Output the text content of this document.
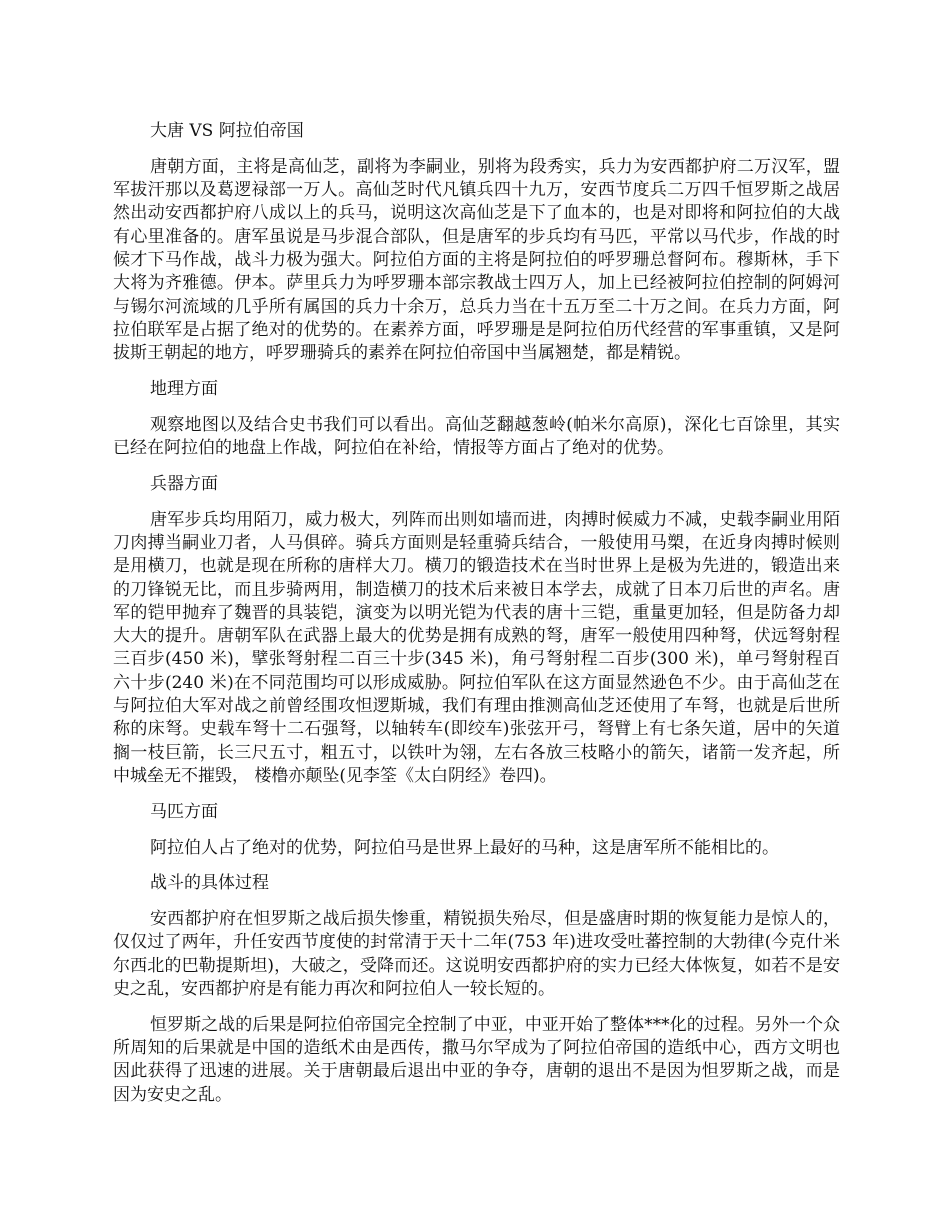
大唐 VS 阿拉伯帝国

唐朝方面，主将是高仙芝，副将为李嗣业，别将为段秀实，兵力为安西都护府二万汉军，盟军拔汗那以及葛逻禄部一万人。高仙芝时代凡镇兵四十九万，安西节度兵二万四千恒罗斯之战居然出动安西都护府八成以上的兵马，说明这次高仙芝是下了血本的，也是对即将和阿拉伯的大战有心里准备的。唐军虽说是马步混合部队，但是唐军的步兵均有马匹，平常以马代步，作战的时候才下马作战，战斗力极为强大。阿拉伯方面的主将是阿拉伯的呼罗珊总督阿布。穆斯林，手下大将为齐雅德。伊本。萨里兵力为呼罗珊本部宗教战士四万人，加上已经被阿拉伯控制的阿姆河与锡尔河流域的几乎所有属国的兵力十余万，总兵力当在十五万至二十万之间。在兵力方面，阿拉伯联军是占据了绝对的优势的。在素养方面，呼罗珊是是阿拉伯历代经营的军事重镇，又是阿拔斯王朝起的地方，呼罗珊骑兵的素养在阿拉伯帝国中当属翘楚，都是精锐。

地理方面

观察地图以及结合史书我们可以看出。高仙芝翻越葱岭(帕米尔高原)，深化七百馀里，其实已经在阿拉伯的地盘上作战，阿拉伯在补给，情报等方面占了绝对的优势。

兵器方面

唐军步兵均用陌刀，威力极大，列阵而出则如墙而进，肉搏时候威力不减，史载李嗣业用陌刀肉搏当嗣业刀者，人马俱碎。骑兵方面则是轻重骑兵结合，一般使用马槊，在近身肉搏时候则是用横刀，也就是现在所称的唐样大刀。横刀的锻造技术在当时世界上是极为先进的，锻造出来的刀锋锐无比，而且步骑两用，制造横刀的技术后来被日本学去，成就了日本刀后世的声名。唐军的铠甲抛弃了魏晋的具装铠，演变为以明光铠为代表的唐十三铠，重量更加轻，但是防备力却大大的提升。唐朝军队在武器上最大的优势是拥有成熟的弩，唐军一般使用四种弩，伏远弩射程三百步(450 米)，擘张弩射程二百三十步(345 米)，角弓弩射程二百步(300 米)，单弓弩射程百六十步(240 米)在不同范围均可以形成威胁。阿拉伯军队在这方面显然逊色不少。由于高仙芝在与阿拉伯大军对战之前曾经围攻怛逻斯城，我们有理由推测高仙芝还使用了车弩，也就是后世所称的床弩。史载车弩十二石强弩，以轴转车(即绞车)张弦开弓，弩臂上有七条矢道，居中的矢道搁一枝巨箭，长三尺五寸，粗五寸，以铁叶为翎，左右各放三枝略小的箭矢，诸箭一发齐起，所中城垒无不摧毁， 楼橹亦颠坠(见李筌《太白阴经》卷四)。

马匹方面

阿拉伯人占了绝对的优势，阿拉伯马是世界上最好的马种，这是唐军所不能相比的。

战斗的具体过程

安西都护府在怛罗斯之战后损失惨重，精锐损失殆尽，但是盛唐时期的恢复能力是惊人的，仅仅过了两年，升任安西节度使的封常清于天十二年(753 年)进攻受吐蕃控制的大勃律(今克什米尔西北的巴勒提斯坦)，大破之，受降而还。这说明安西都护府的实力已经大体恢复，如若不是安史之乱，安西都护府是有能力再次和阿拉伯人一较长短的。

恒罗斯之战的后果是阿拉伯帝国完全控制了中亚，中亚开始了整体***化的过程。另外一个众所周知的后果就是中国的造纸术由是西传，撒马尔罕成为了阿拉伯帝国的造纸中心，西方文明也因此获得了迅速的进展。关于唐朝最后退出中亚的争夺，唐朝的退出不是因为怛罗斯之战，而是因为安史之乱。
